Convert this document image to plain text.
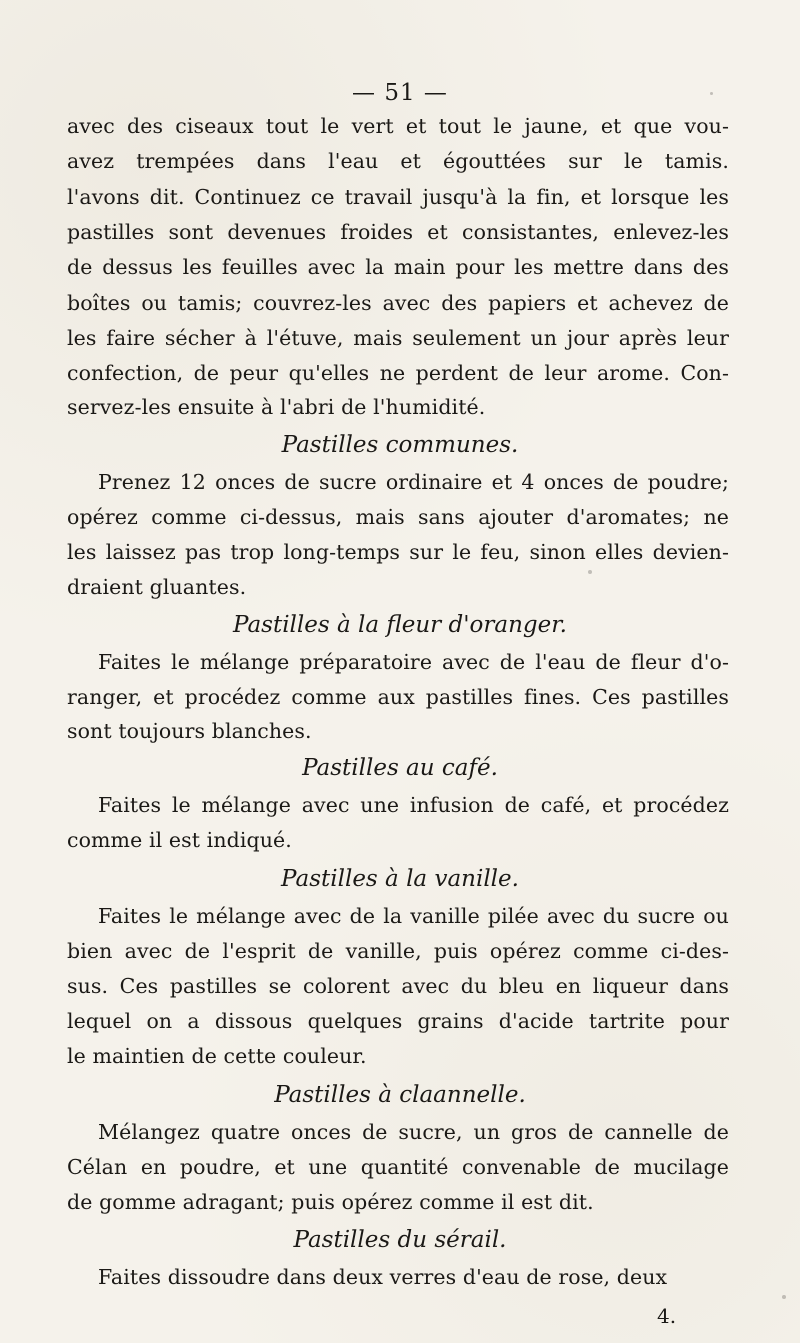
— 51 —
avec des ciseaux tout le vert et tout le jaune, et que vou-
avez trempées dans l'eau et égouttées sur le tamis.
l'avons dit. Continuez ce travail jusqu'à la fin, et lorsque les
pastilles sont devenues froides et consistantes, enlevez-les
de dessus les feuilles avec la main pour les mettre dans des
boîtes ou tamis; couvrez-les avec des papiers et achevez de
les faire sécher à l'étuve, mais seulement un jour après leur
confection, de peur qu'elles ne perdent de leur arome. Con-
servez-les ensuite à l'abri de l'humidité.
Pastilles communes.
Prenez 12 onces de sucre ordinaire et 4 onces de poudre;
opérez comme ci-dessus, mais sans ajouter d'aromates; ne
les laissez pas trop long-temps sur le feu, sinon elles devien-
draient gluantes.
Pastilles à la fleur d'oranger.
Faites le mélange préparatoire avec de l'eau de fleur d'o-
ranger, et procédez comme aux pastilles fines. Ces pastilles
sont toujours blanches.
Pastilles au café.
Faites le mélange avec une infusion de café, et procédez
comme il est indiqué.
Pastilles à la vanille.
Faites le mélange avec de la vanille pilée avec du sucre ou
bien avec de l'esprit de vanille, puis opérez comme ci-des-
sus. Ces pastilles se colorent avec du bleu en liqueur dans
lequel on a dissous quelques grains d'acide tartrite pour
le maintien de cette couleur.
Pastilles à claannelle.
Mélangez quatre onces de sucre, un gros de cannelle de
Célan en poudre, et une quantité convenable de mucilage
de gomme adragant; puis opérez comme il est dit.
Pastilles du sérail.
Faites dissoudre dans deux verres d'eau de rose, deux
4.
